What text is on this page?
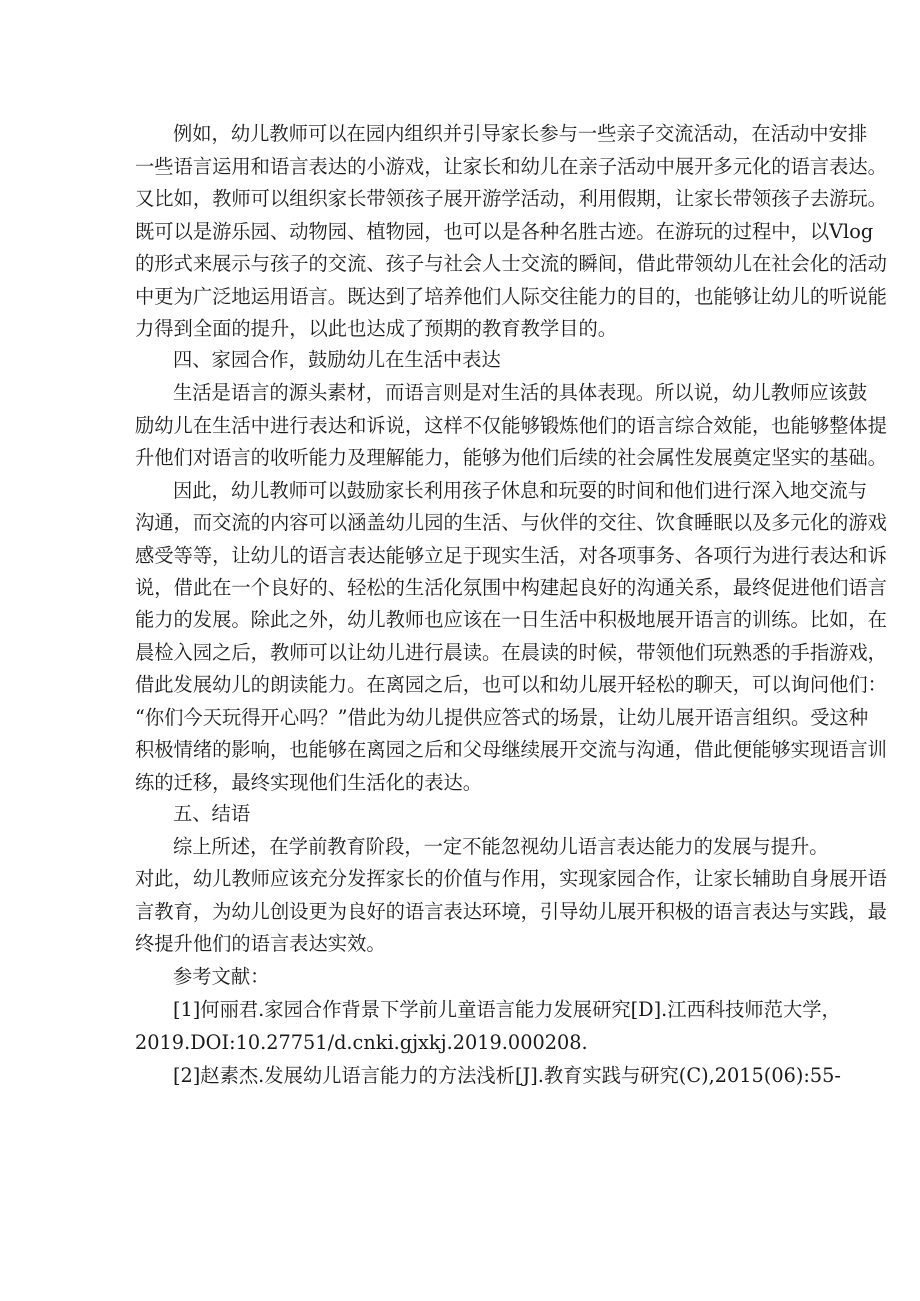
例如，幼儿教师可以在园内组织并引导家长参与一些亲子交流活动，在活动中安排

一些语言运用和语言表达的小游戏，让家长和幼儿在亲子活动中展开多元化的语言表达。

又比如，教师可以组织家长带领孩子展开游学活动，利用假期，让家长带领孩子去游玩。

既可以是游乐园、动物园、植物园，也可以是各种名胜古迹。在游玩的过程中，以Vlog

的形式来展示与孩子的交流、孩子与社会人士交流的瞬间，借此带领幼儿在社会化的活动

中更为广泛地运用语言。既达到了培养他们人际交往能力的目的，也能够让幼儿的听说能

力得到全面的提升，以此也达成了预期的教育教学目的。

四、家园合作，鼓励幼儿在生活中表达

生活是语言的源头素材，而语言则是对生活的具体表现。所以说，幼儿教师应该鼓

励幼儿在生活中进行表达和诉说，这样不仅能够锻炼他们的语言综合效能，也能够整体提

升他们对语言的收听能力及理解能力，能够为他们后续的社会属性发展奠定坚实的基础。

因此，幼儿教师可以鼓励家长利用孩子休息和玩耍的时间和他们进行深入地交流与

沟通，而交流的内容可以涵盖幼儿园的生活、与伙伴的交往、饮食睡眠以及多元化的游戏

感受等等，让幼儿的语言表达能够立足于现实生活，对各项事务、各项行为进行表达和诉

说，借此在一个良好的、轻松的生活化氛围中构建起良好的沟通关系，最终促进他们语言

能力的发展。除此之外，幼儿教师也应该在一日生活中积极地展开语言的训练。比如，在

晨检入园之后，教师可以让幼儿进行晨读。在晨读的时候，带领他们玩熟悉的手指游戏，

借此发展幼儿的朗读能力。在离园之后，也可以和幼儿展开轻松的聊天，可以询问他们：

“你们今天玩得开心吗？”借此为幼儿提供应答式的场景，让幼儿展开语言组织。受这种

积极情绪的影响，也能够在离园之后和父母继续展开交流与沟通，借此便能够实现语言训

练的迁移，最终实现他们生活化的表达。

五、结语

综上所述，在学前教育阶段，一定不能忽视幼儿语言表达能力的发展与提升。

对此，幼儿教师应该充分发挥家长的价值与作用，实现家园合作，让家长辅助自身展开语

言教育，为幼儿创设更为良好的语言表达环境，引导幼儿展开积极的语言表达与实践，最

终提升他们的语言表达实效。

参考文献：

[1]何丽君.家园合作背景下学前儿童语言能力发展研究[D].江西科技师范大学，

2019.DOI:10.27751/d.cnki.gjxkj.2019.000208.

[2]赵素杰.发展幼儿语言能力的方法浅析[J].教育实践与研究(C),2015(06):55-
